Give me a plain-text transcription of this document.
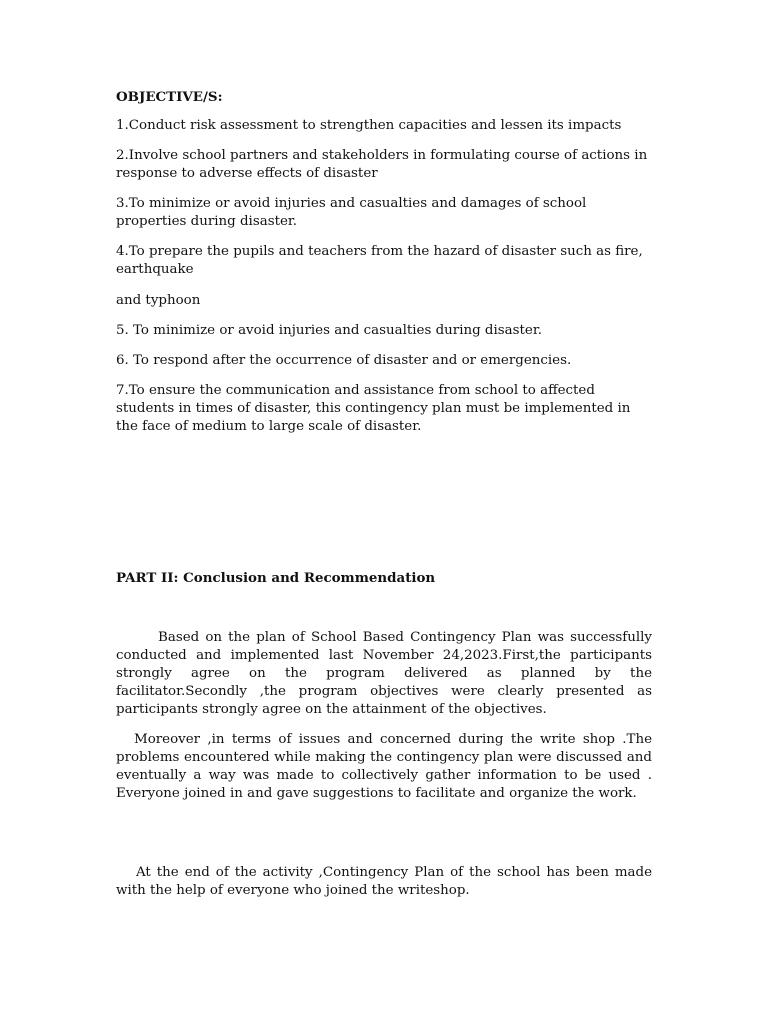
OBJECTIVE/S:
1.Conduct risk assessment to strengthen capacities and lessen its impacts
2.Involve school partners and stakeholders in formulating course of actions in response to adverse effects of disaster
3.To minimize or avoid injuries and casualties and damages of school properties during disaster.
4.To prepare the pupils and teachers from the hazard of disaster such as fire, earthquake
and typhoon
5. To minimize or avoid injuries and casualties during disaster.
6. To respond after the occurrence of disaster and or emergencies.
7.To ensure the communication and assistance from school to affected students in times of disaster, this contingency plan must be implemented in the face of medium to large scale of disaster.
PART II: Conclusion and Recommendation
Based on the plan of School Based Contingency Plan was successfully conducted and implemented last November 24,2023.First,the participants strongly agree on the program delivered as planned by the facilitator.Secondly ,the program objectives were clearly presented as participants strongly agree on the attainment of the objectives.
Moreover ,in terms of issues and concerned during the write shop .The problems encountered while making the contingency plan were discussed and eventually a way was made to collectively gather information to be used . Everyone joined in and gave suggestions to facilitate and organize the work.
At the end of the activity ,Contingency Plan of the school has been made with the help of everyone who joined the writeshop.
